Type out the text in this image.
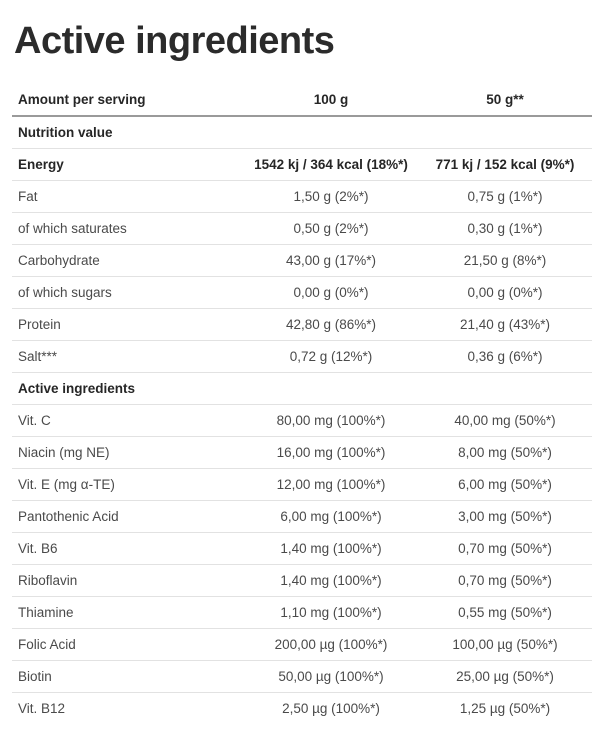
Active ingredients
Amount per serving	100 g	50 g**
Nutrition value		
Energy	1542 kj / 364 kcal (18%*)	771 kj / 152 kcal (9%*)
Fat	1,50 g (2%*)	0,75 g (1%*)
of which saturates	0,50 g (2%*)	0,30 g (1%*)
Carbohydrate	43,00 g (17%*)	21,50 g (8%*)
of which sugars	0,00 g (0%*)	0,00 g (0%*)
Protein	42,80 g (86%*)	21,40 g (43%*)
Salt***	0,72 g (12%*)	0,36 g (6%*)
Active ingredients		
Vit. C	80,00 mg (100%*)	40,00 mg (50%*)
Niacin (mg NE)	16,00 mg (100%*)	8,00 mg (50%*)
Vit. E (mg α-TE)	12,00 mg (100%*)	6,00 mg (50%*)
Pantothenic Acid	6,00 mg (100%*)	3,00 mg (50%*)
Vit. B6	1,40 mg (100%*)	0,70 mg (50%*)
Riboflavin	1,40 mg (100%*)	0,70 mg (50%*)
Thiamine	1,10 mg (100%*)	0,55 mg (50%*)
Folic Acid	200,00 µg (100%*)	100,00 µg (50%*)
Biotin	50,00 µg (100%*)	25,00 µg (50%*)
Vit. B12	2,50 µg (100%*)	1,25 µg (50%*)
